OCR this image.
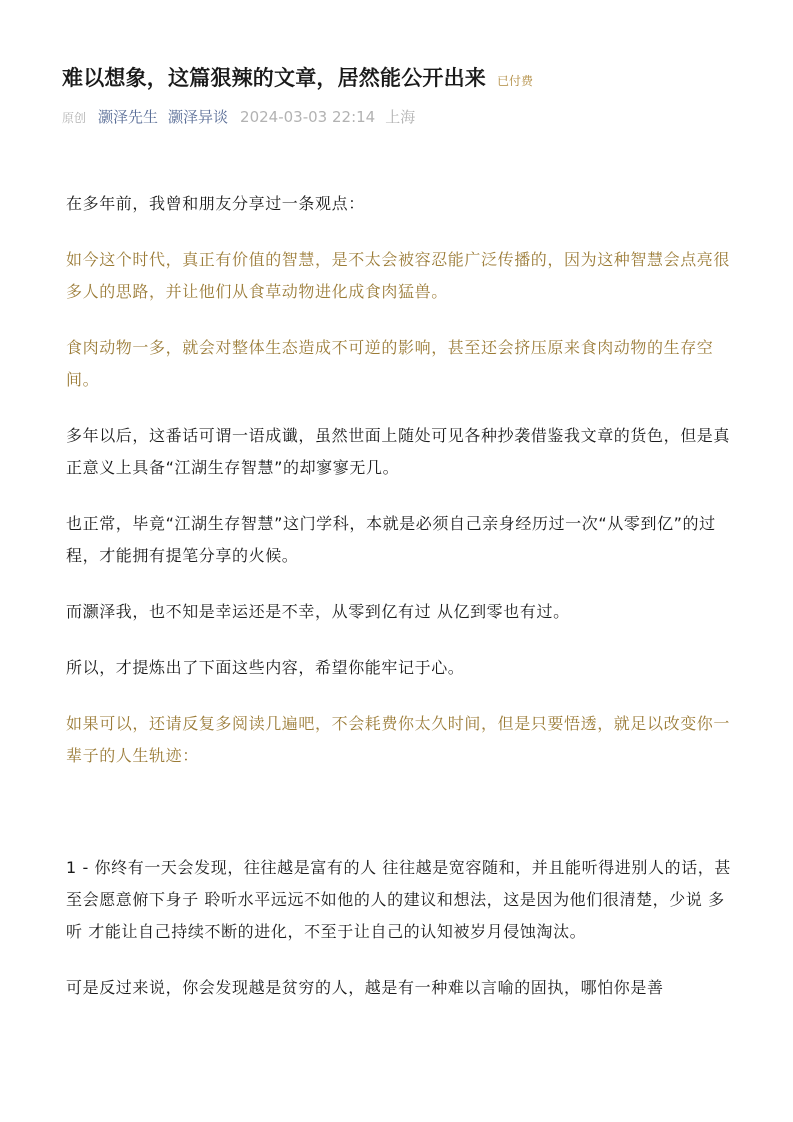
难以想象，这篇狠辣的文章，居然能公开出来 已付费
原创 灏泽先生 灏泽异谈 2024-03-03 22:14 上海

在多年前，我曾和朋友分享过一条观点：

如今这个时代，真正有价值的智慧，是不太会被容忍能广泛传播的，因为这种智慧会点亮很多人的思路，并让他们从食草动物进化成食肉猛兽。

食肉动物一多，就会对整体生态造成不可逆的影响，甚至还会挤压原来食肉动物的生存空间。

多年以后，这番话可谓一语成谶，虽然世面上随处可见各种抄袭借鉴我文章的货色，但是真正意义上具备“江湖生存智慧”的却寥寥无几。

也正常，毕竟“江湖生存智慧”这门学科，本就是必须自己亲身经历过一次“从零到亿”的过程，才能拥有提笔分享的火候。

而灏泽我，也不知是幸运还是不幸，从零到亿有过 从亿到零也有过。

所以，才提炼出了下面这些内容，希望你能牢记于心。

如果可以，还请反复多阅读几遍吧，不会耗费你太久时间，但是只要悟透，就足以改变你一辈子的人生轨迹：

1 - 你终有一天会发现，往往越是富有的人 往往越是宽容随和，并且能听得进别人的话，甚至会愿意俯下身子 聆听水平远远不如他的人的建议和想法，这是因为他们很清楚，少说 多听 才能让自己持续不断的进化，不至于让自己的认知被岁月侵蚀淘汰。

可是反过来说，你会发现越是贫穷的人，越是有一种难以言喻的固执，哪怕你是善
